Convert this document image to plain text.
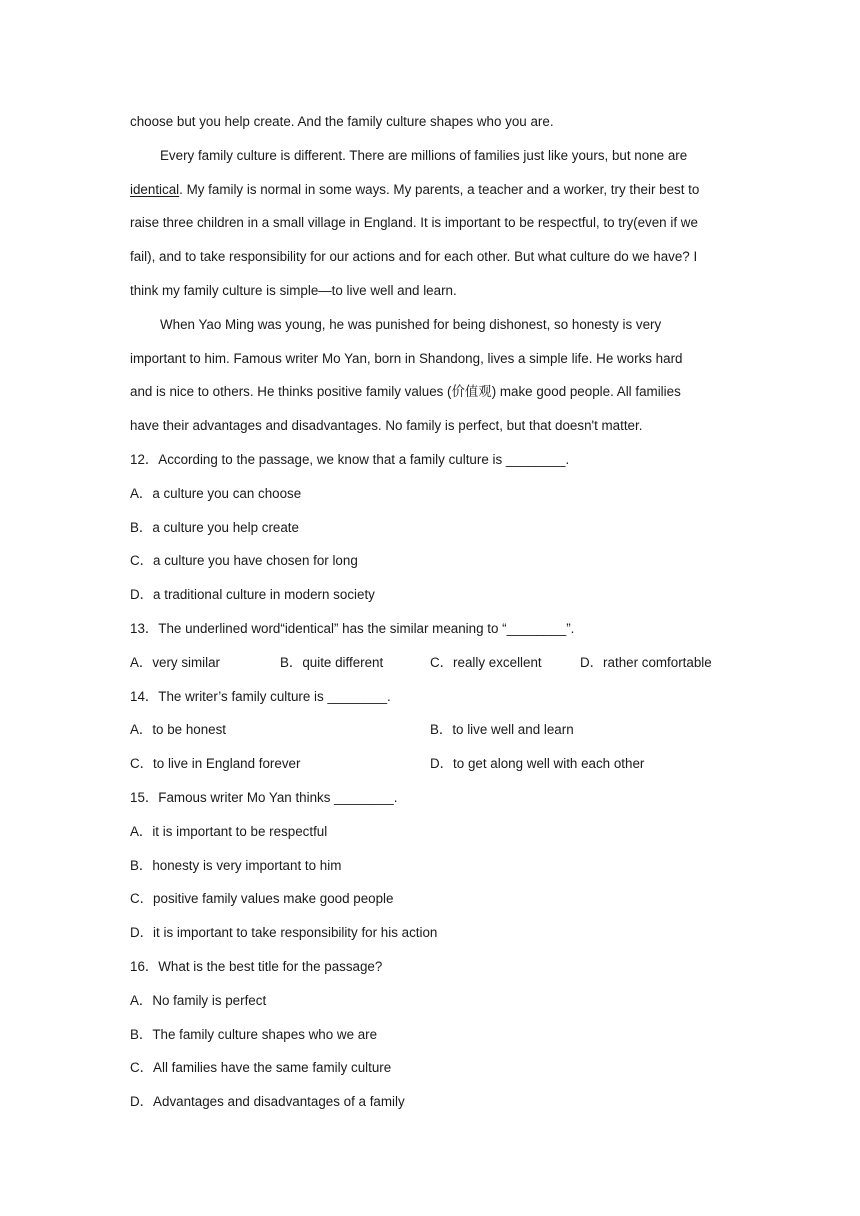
choose but you help create. And the family culture shapes who you are.
Every family culture is different. There are millions of families just like yours, but none are
identical. My family is normal in some ways. My parents, a teacher and a worker, try their best to
raise three children in a small village in England. It is important to be respectful, to try(even if we
fail), and to take responsibility for our actions and for each other. But what culture do we have? I
think my family culture is simple—to live well and learn.
When Yao Ming was young, he was punished for being dishonest, so honesty is very
important to him. Famous writer Mo Yan, born in Shandong, lives a simple life. He works hard
and is nice to others. He thinks positive family values (价值观) make good people. All families
have their advantages and disadvantages. No family is perfect, but that doesn't matter.
12．According to the passage, we know that a family culture is ________.
A．a culture you can choose
B．a culture you help create
C．a culture you have chosen for long
D．a traditional culture in modern society
13．The underlined word“identical” has the similar meaning to “________”.
A．very similar	B．quite different	C．really excellent	D．rather comfortable
14．The writer’s family culture is ________.
A．to be honest	B．to live well and learn
C．to live in England forever	D．to get along well with each other
15．Famous writer Mo Yan thinks ________.
A．it is important to be respectful
B．honesty is very important to him
C．positive family values make good people
D．it is important to take responsibility for his action
16．What is the best title for the passage?
A．No family is perfect
B．The family culture shapes who we are
C．All families have the same family culture
D．Advantages and disadvantages of a family
